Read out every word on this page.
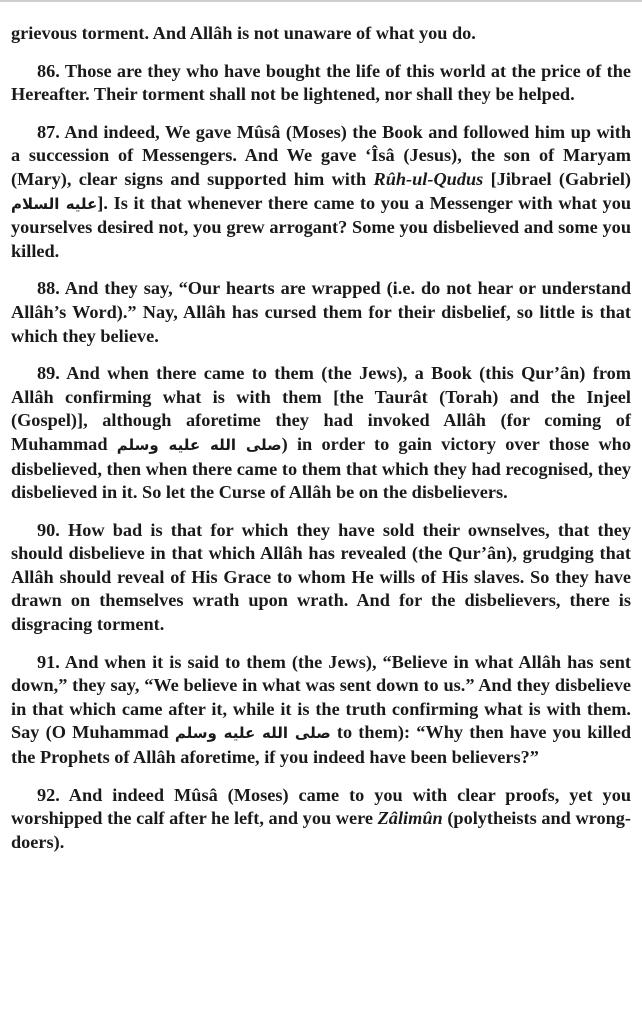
grievous torment. And Allâh is not unaware of what you do.

86. Those are they who have bought the life of this world at the price of the Hereafter. Their torment shall not be lightened, nor shall they be helped.

87. And indeed, We gave Mûsâ (Moses) the Book and followed him up with a succession of Messengers. And We gave ‘Îsâ (Jesus), the son of Maryam (Mary), clear signs and supported him with Rûh-ul-Qudus [Jibrael (Gabriel) عليه السلام]. Is it that whenever there came to you a Messenger with what you yourselves desired not, you grew arrogant? Some you disbelieved and some you killed.

88. And they say, “Our hearts are wrapped (i.e. do not hear or understand Allâh’s Word).” Nay, Allâh has cursed them for their disbelief, so little is that which they believe.

89. And when there came to them (the Jews), a Book (this Qur’ân) from Allâh confirming what is with them [the Taurât (Torah) and the Injeel (Gospel)], although aforetime they had invoked Allâh (for coming of Muhammad صلى الله عليه وسلم) in order to gain victory over those who disbelieved, then when there came to them that which they had recognised, they disbelieved in it. So let the Curse of Allâh be on the disbelievers.

90. How bad is that for which they have sold their ownselves, that they should disbelieve in that which Allâh has revealed (the Qur’ân), grudging that Allâh should reveal of His Grace to whom He wills of His slaves. So they have drawn on themselves wrath upon wrath. And for the disbelievers, there is disgracing torment.

91. And when it is said to them (the Jews), “Believe in what Allâh has sent down,” they say, “We believe in what was sent down to us.” And they disbelieve in that which came after it, while it is the truth confirming what is with them. Say (O Muhammad صلى الله عليه وسلم to them): “Why then have you killed the Prophets of Allâh aforetime, if you indeed have been believers?”

92. And indeed Mûsâ (Moses) came to you with clear proofs, yet you worshipped the calf after he left, and you were Zâlimûn (polytheists and wrong-doers).
